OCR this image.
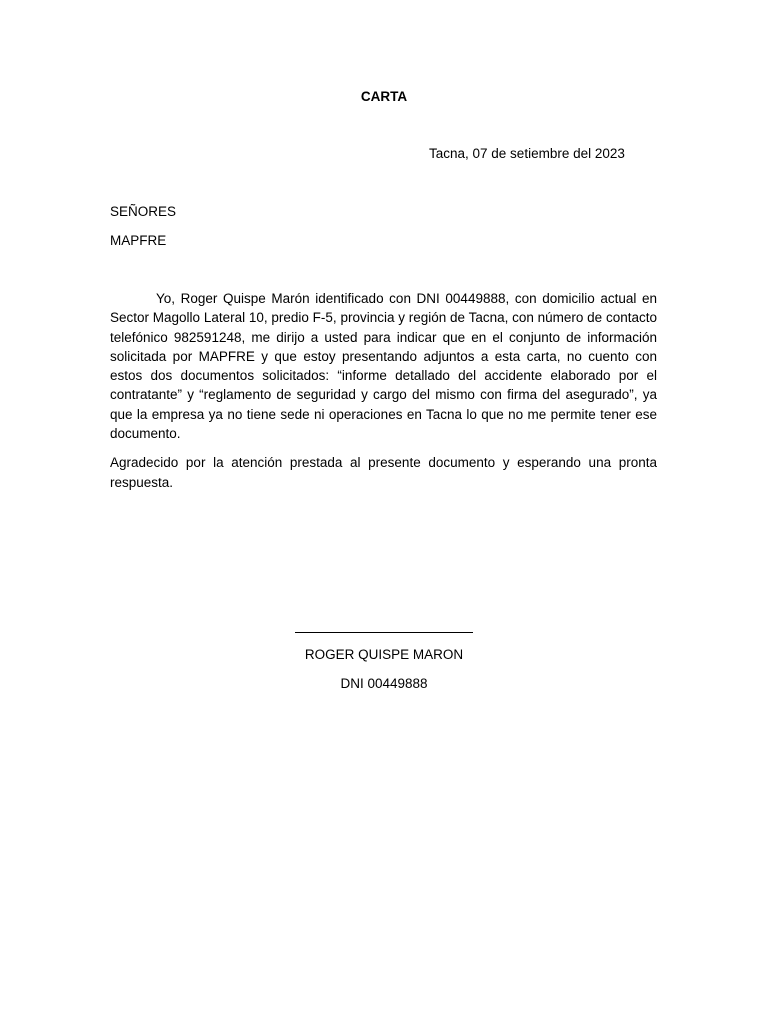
CARTA
Tacna, 07 de setiembre del 2023
SEÑORES
MAPFRE

Yo, Roger Quispe Marón identificado con DNI 00449888, con domicilio actual en Sector Magollo Lateral 10, predio F-5, provincia y región de Tacna, con número de contacto telefónico 982591248, me dirijo a usted para indicar que en el conjunto de información solicitada por MAPFRE y que estoy presentando adjuntos a esta carta, no cuento con estos dos documentos solicitados: “informe detallado del accidente elaborado por el contratante” y “reglamento de seguridad y cargo del mismo con firma del asegurado”, ya que la empresa ya no tiene sede ni operaciones en Tacna lo que no me permite tener ese documento.

Agradecido por la atención prestada al presente documento y esperando una pronta respuesta.

ROGER QUISPE MARON
DNI 00449888
